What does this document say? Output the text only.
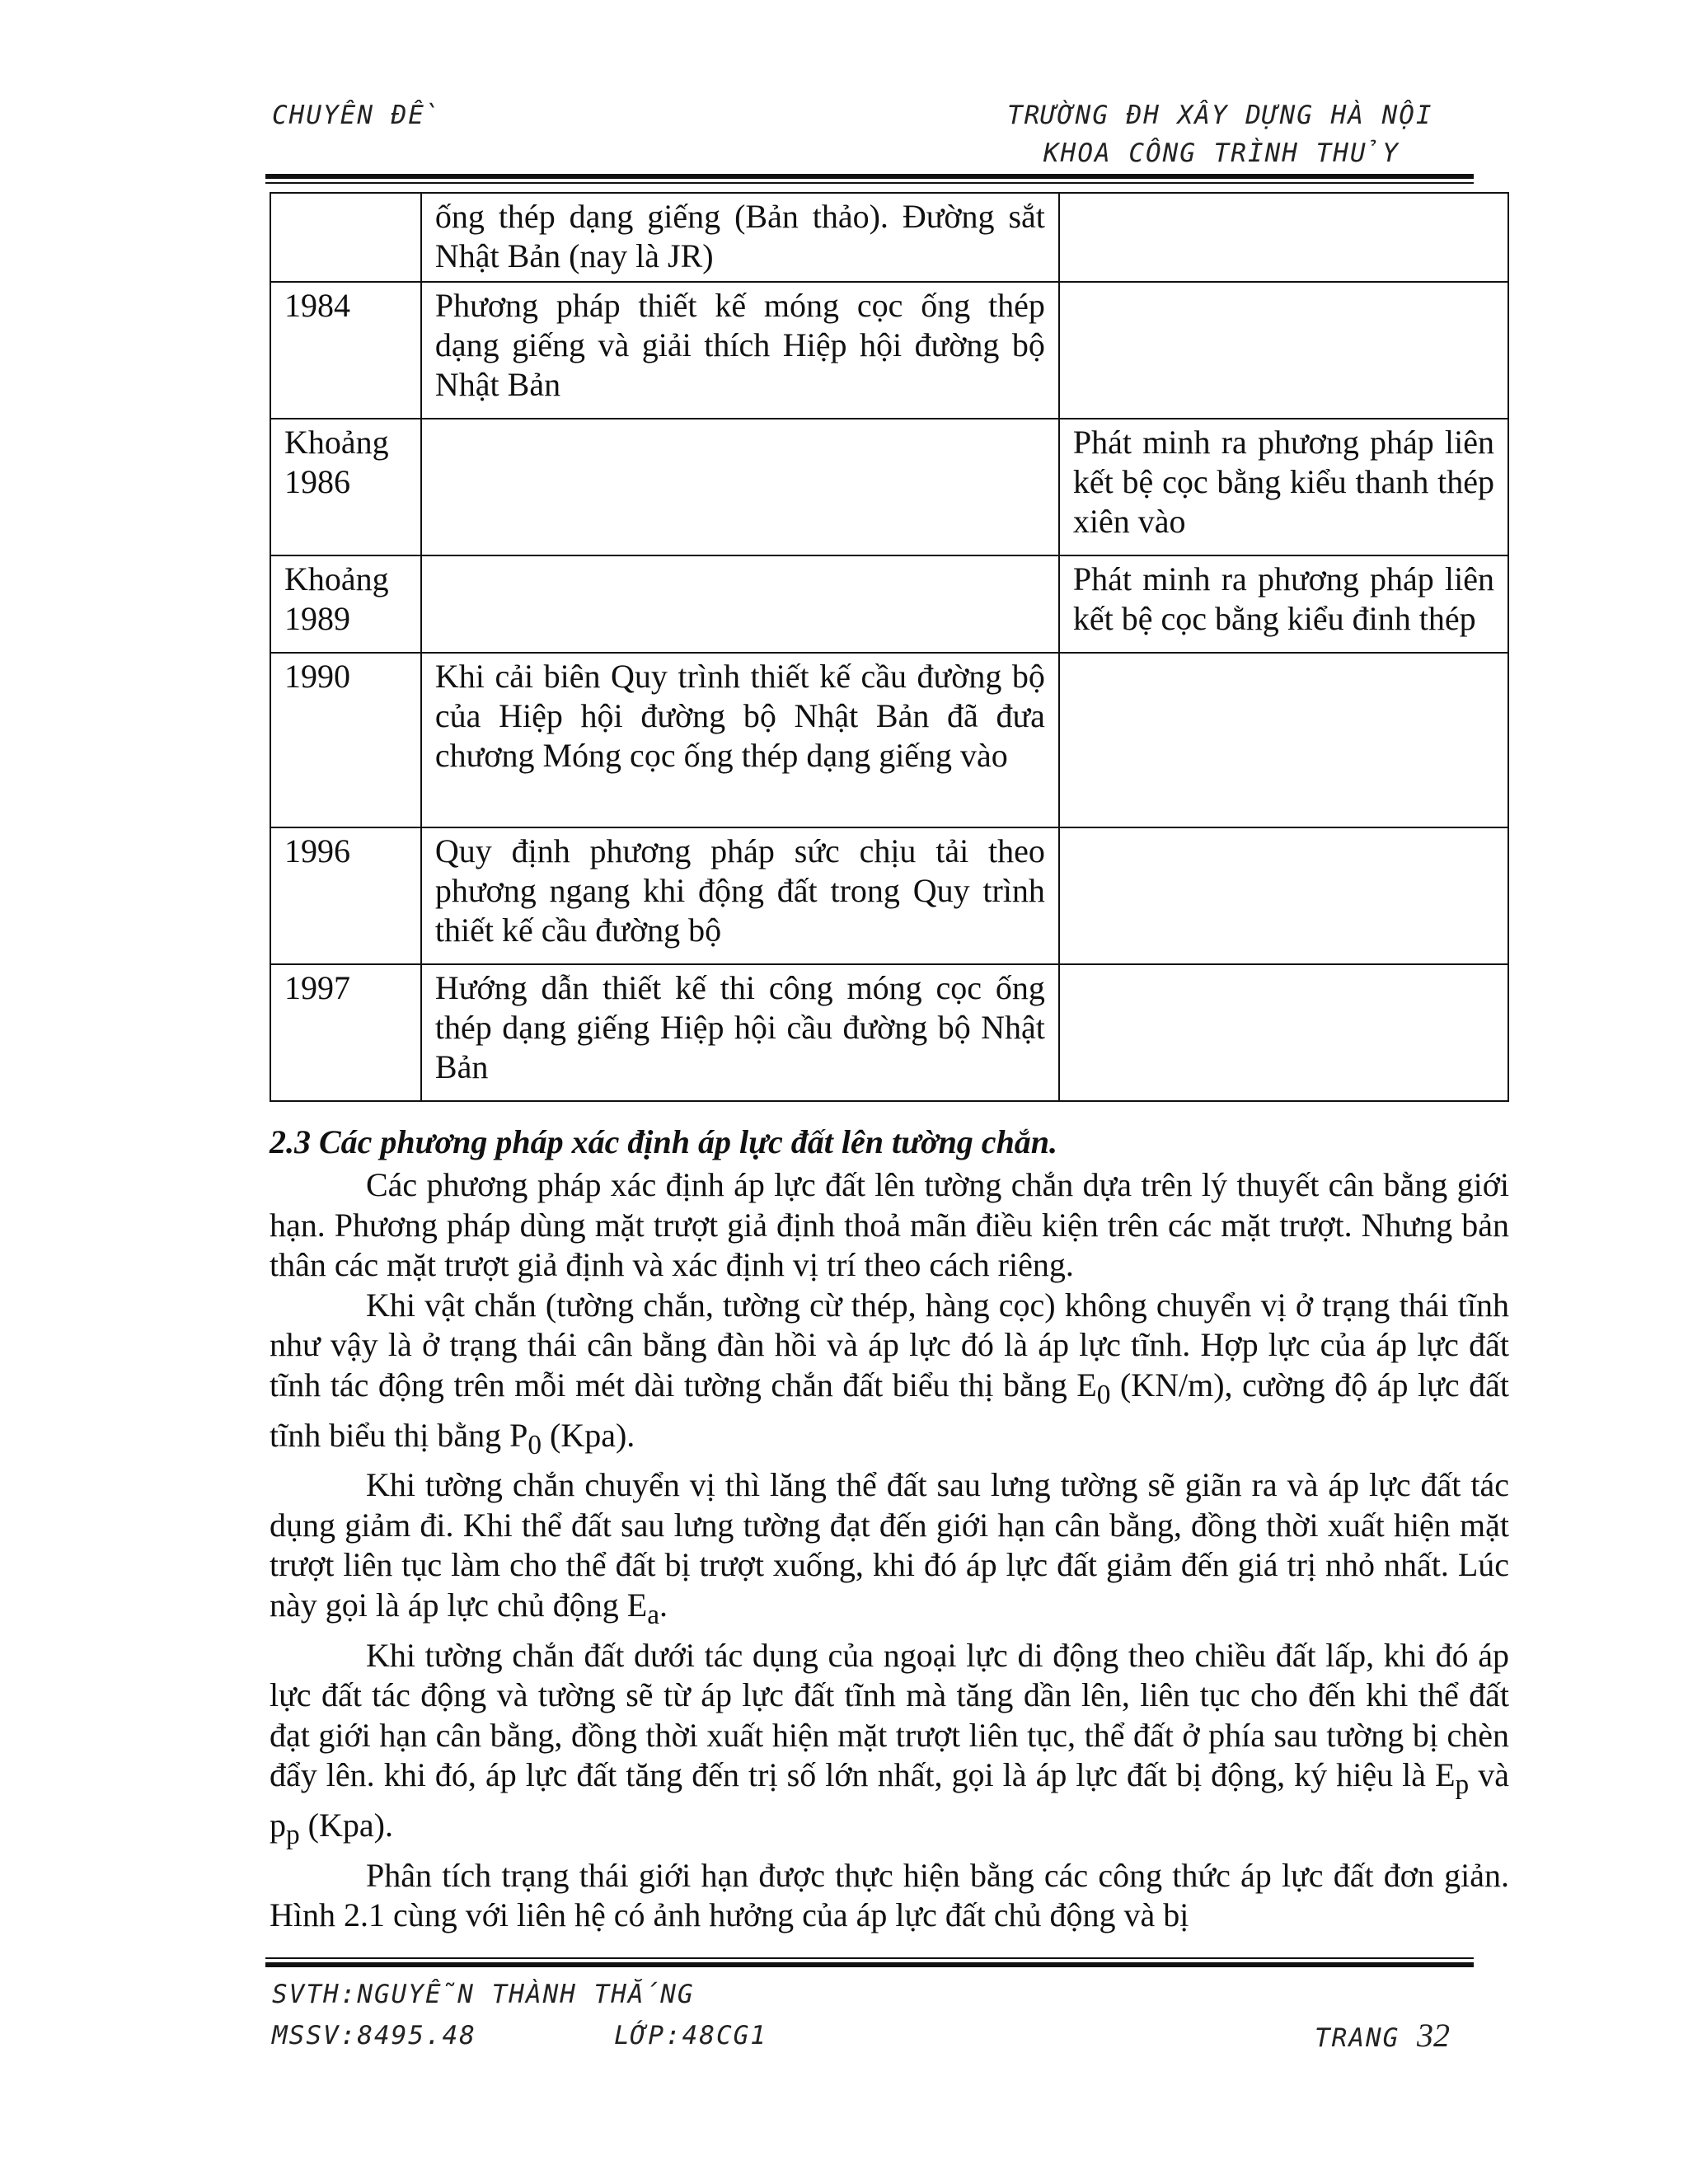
CHUYÊN ĐỀ	TRƯỜNG ĐH XÂY DỰNG HÀ NỘI
KHOA CÔNG TRÌNH THỦY
	ống thép dạng giếng (Bản thảo). Đường sắt Nhật Bản (nay là JR)	
1984	Phương pháp thiết kế móng cọc ống thép dạng giếng và giải thích Hiệp hội đường bộ Nhật Bản	
Khoảng 1986		Phát minh ra phương pháp liên kết bệ cọc bằng kiểu thanh thép xiên vào
Khoảng 1989		Phát minh ra phương pháp liên kết bệ cọc bằng kiểu đinh thép
1990	Khi cải biên Quy trình thiết kế cầu đường bộ của Hiệp hội đường bộ Nhật Bản đã đưa chương Móng cọc ống thép dạng giếng vào	
1996	Quy định phương pháp sức chịu tải theo phương ngang khi động đất trong Quy trình thiết kế cầu đường bộ	
1997	Hướng dẫn thiết kế thi công móng cọc ống thép dạng giếng Hiệp hội cầu đường bộ Nhật Bản	
2.3 Các phương pháp xác định áp lực đất lên tường chắn.

Các phương pháp xác định áp lực đất lên tường chắn dựa trên lý thuyết cân bằng giới hạn. Phương pháp dùng mặt trượt giả định thoả mãn điều kiện trên các mặt trượt. Nhưng bản thân các mặt trượt giả định và xác định vị trí theo cách riêng.

Khi vật chắn (tường chắn, tường cừ thép, hàng cọc) không chuyển vị ở trạng thái tĩnh như vậy là ở trạng thái cân bằng đàn hồi và áp lực đó là áp lực tĩnh. Hợp lực của áp lực đất tĩnh tác động trên mỗi mét dài tường chắn đất biểu thị bằng $E_0$ (KN/m), cường độ áp lực đất tĩnh biểu thị bằng $P_0$ (Kpa).

Khi tường chắn chuyển vị thì lăng thể đất sau lưng tường sẽ giãn ra và áp lực đất tác dụng giảm đi. Khi thể đất sau lưng tường đạt đến giới hạn cân bằng, đồng thời xuất hiện mặt trượt liên tục làm cho thể đất bị trượt xuống, khi đó áp lực đất giảm đến giá trị nhỏ nhất. Lúc này gọi là áp lực chủ động $E_a$.

Khi tường chắn đất dưới tác dụng của ngoại lực di động theo chiều đất lấp, khi đó áp lực đất tác động và tường sẽ từ áp lực đất tĩnh mà tăng dần lên, liên tục cho đến khi thể đất đạt giới hạn cân bằng, đồng thời xuất hiện mặt trượt liên tục, thể đất ở phía sau tường bị chèn đẩy lên. khi đó, áp lực đất tăng đến trị số lớn nhất, gọi là áp lực đất bị động, ký hiệu là $E_p$ và $p_p$ (Kpa).

Phân tích trạng thái giới hạn được thực hiện bằng các công thức áp lực đất đơn giản. Hình 2.1 cùng với liên hệ có ảnh hưởng của áp lực đất chủ động và bị

SVTH:NGUYỄN THÀNH THẮNG
MSSV:8495.48	LỚP:48CG1	TRANG 32
